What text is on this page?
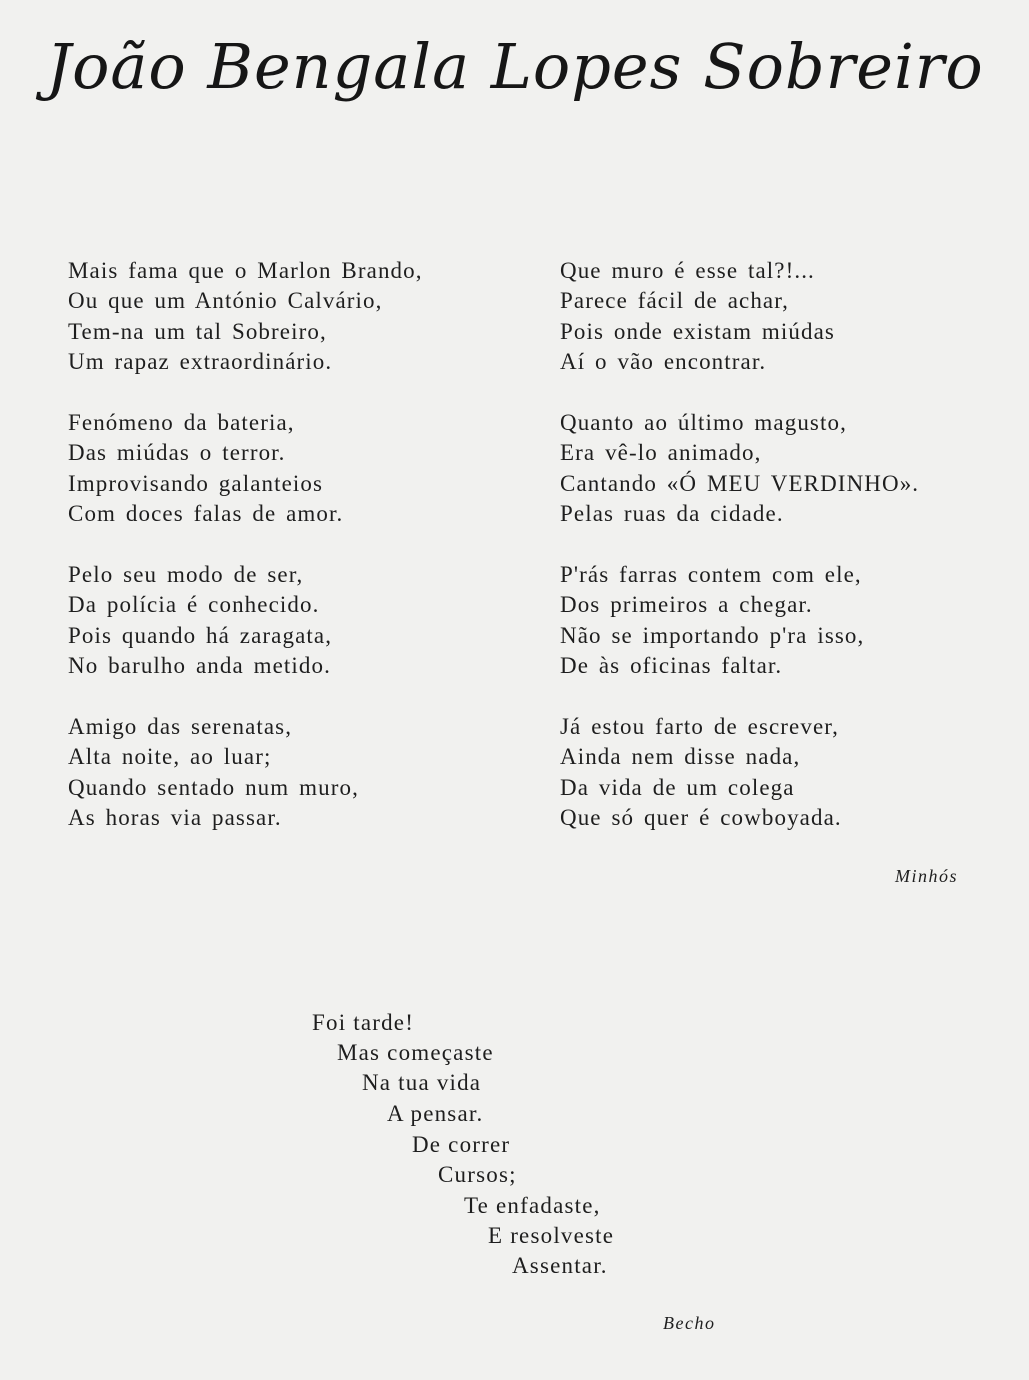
João Bengala Lopes Sobreiro
Mais fama que o Marlon Brando,
Ou que um António Calvário,
Tem-na um tal Sobreiro,
Um rapaz extraordinário.
Fenómeno da bateria,
Das miúdas o terror.
Improvisando galanteios
Com doces falas de amor.
Pelo seu modo de ser,
Da polícia é conhecido.
Pois quando há zaragata,
No barulho anda metido.
Amigo das serenatas,
Alta noite, ao luar;
Quando sentado num muro,
As horas via passar.
Que muro é esse tal?!...
Parece fácil de achar,
Pois onde existam miúdas
Aí o vão encontrar.
Quanto ao último magusto,
Era vê-lo animado,
Cantando «Ó MEU VERDINHO».
Pelas ruas da cidade.
P'rás farras contem com ele,
Dos primeiros a chegar.
Não se importando p'ra isso,
De às oficinas faltar.
Já estou farto de escrever,
Ainda nem disse nada,
Da vida de um colega
Que só quer é cowboyada.
Minhós
Foi tarde!
Mas começaste
Na tua vida
A pensar.
De correr
Cursos;
Te enfadaste,
E resolveste
Assentar.
Becho
